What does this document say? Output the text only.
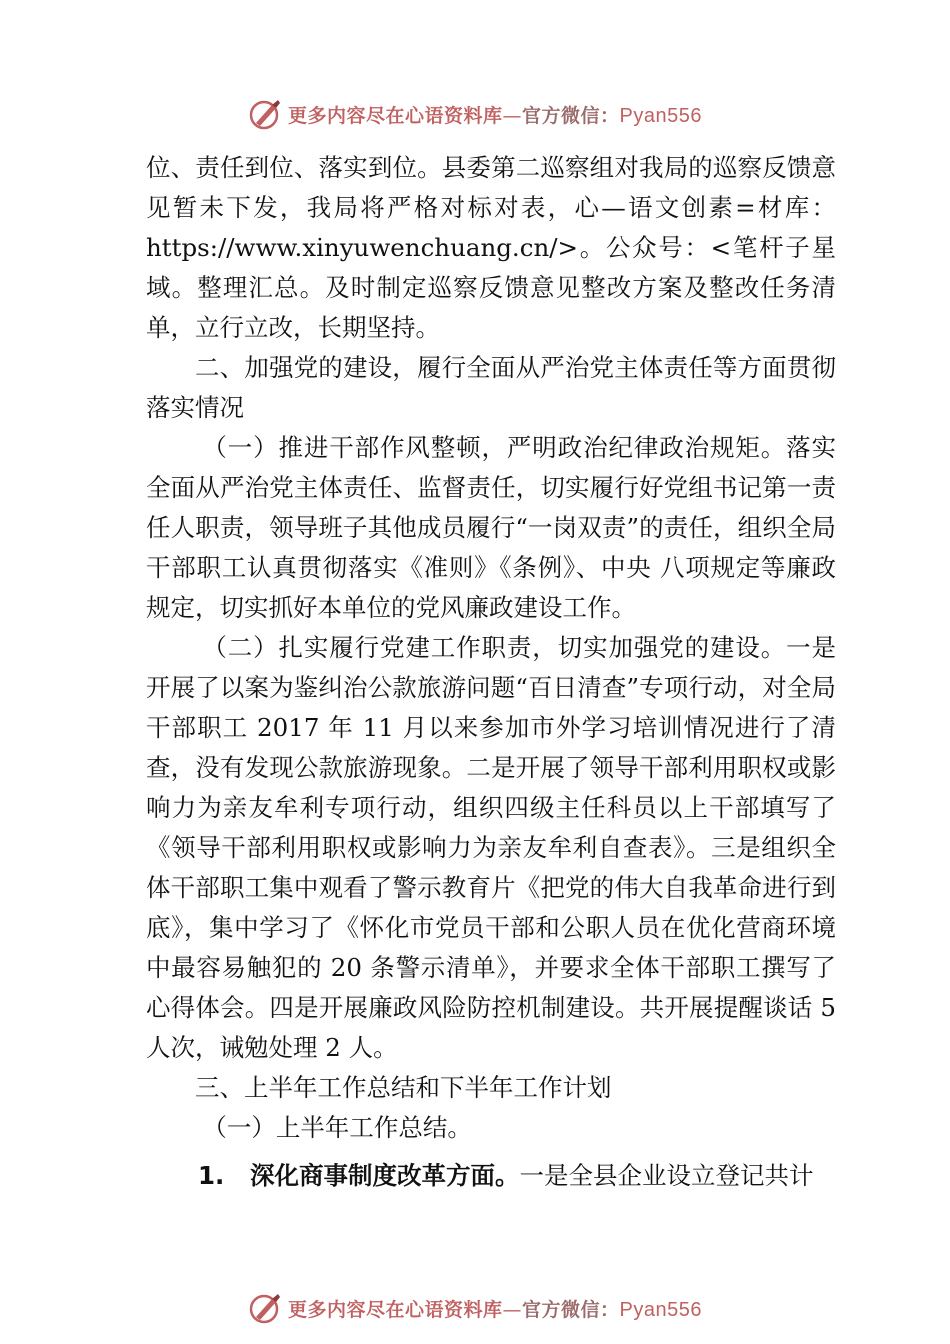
更多内容尽在心语资料库—官方微信：Pyan556

位、责任到位、落实到位。县委第二巡察组对我局的巡察反馈意见暂未下发，我局将严格对标对表，心—语文创素=材库：https://www.xinyuwenchuang.cn/>。公众号：<笔杆子星域。整理汇总。及时制定巡察反馈意见整改方案及整改任务清单，立行立改，长期坚持。

二、加强党的建设，履行全面从严治党主体责任等方面贯彻落实情况

（一）推进干部作风整顿，严明政治纪律政治规矩。落实全面从严治党主体责任、监督责任，切实履行好党组书记第一责任人职责，领导班子其他成员履行“一岗双责”的责任，组织全局干部职工认真贯彻落实《准则》《条例》、中央 八项规定等廉政规定，切实抓好本单位的党风廉政建设工作。

（二）扎实履行党建工作职责，切实加强党的建设。一是开展了以案为鉴纠治公款旅游问题“百日清查”专项行动，对全局干部职工 2017 年 11 月以来参加市外学习培训情况进行了清查，没有发现公款旅游现象。二是开展了领导干部利用职权或影响力为亲友牟利专项行动，组织四级主任科员以上干部填写了《领导干部利用职权或影响力为亲友牟利自查表》。三是组织全体干部职工集中观看了警示教育片《把党的伟大自我革命进行到底》，集中学习了《怀化市党员干部和公职人员在优化营商环境中最容易触犯的 20 条警示清单》，并要求全体干部职工撰写了心得体会。四是开展廉政风险防控机制建设。共开展提醒谈话 5 人次，诫勉处理 2 人。

三、上半年工作总结和下半年工作计划

（一）上半年工作总结。

1. 深化商事制度改革方面。一是全县企业设立登记共计

更多内容尽在心语资料库—官方微信：Pyan556
